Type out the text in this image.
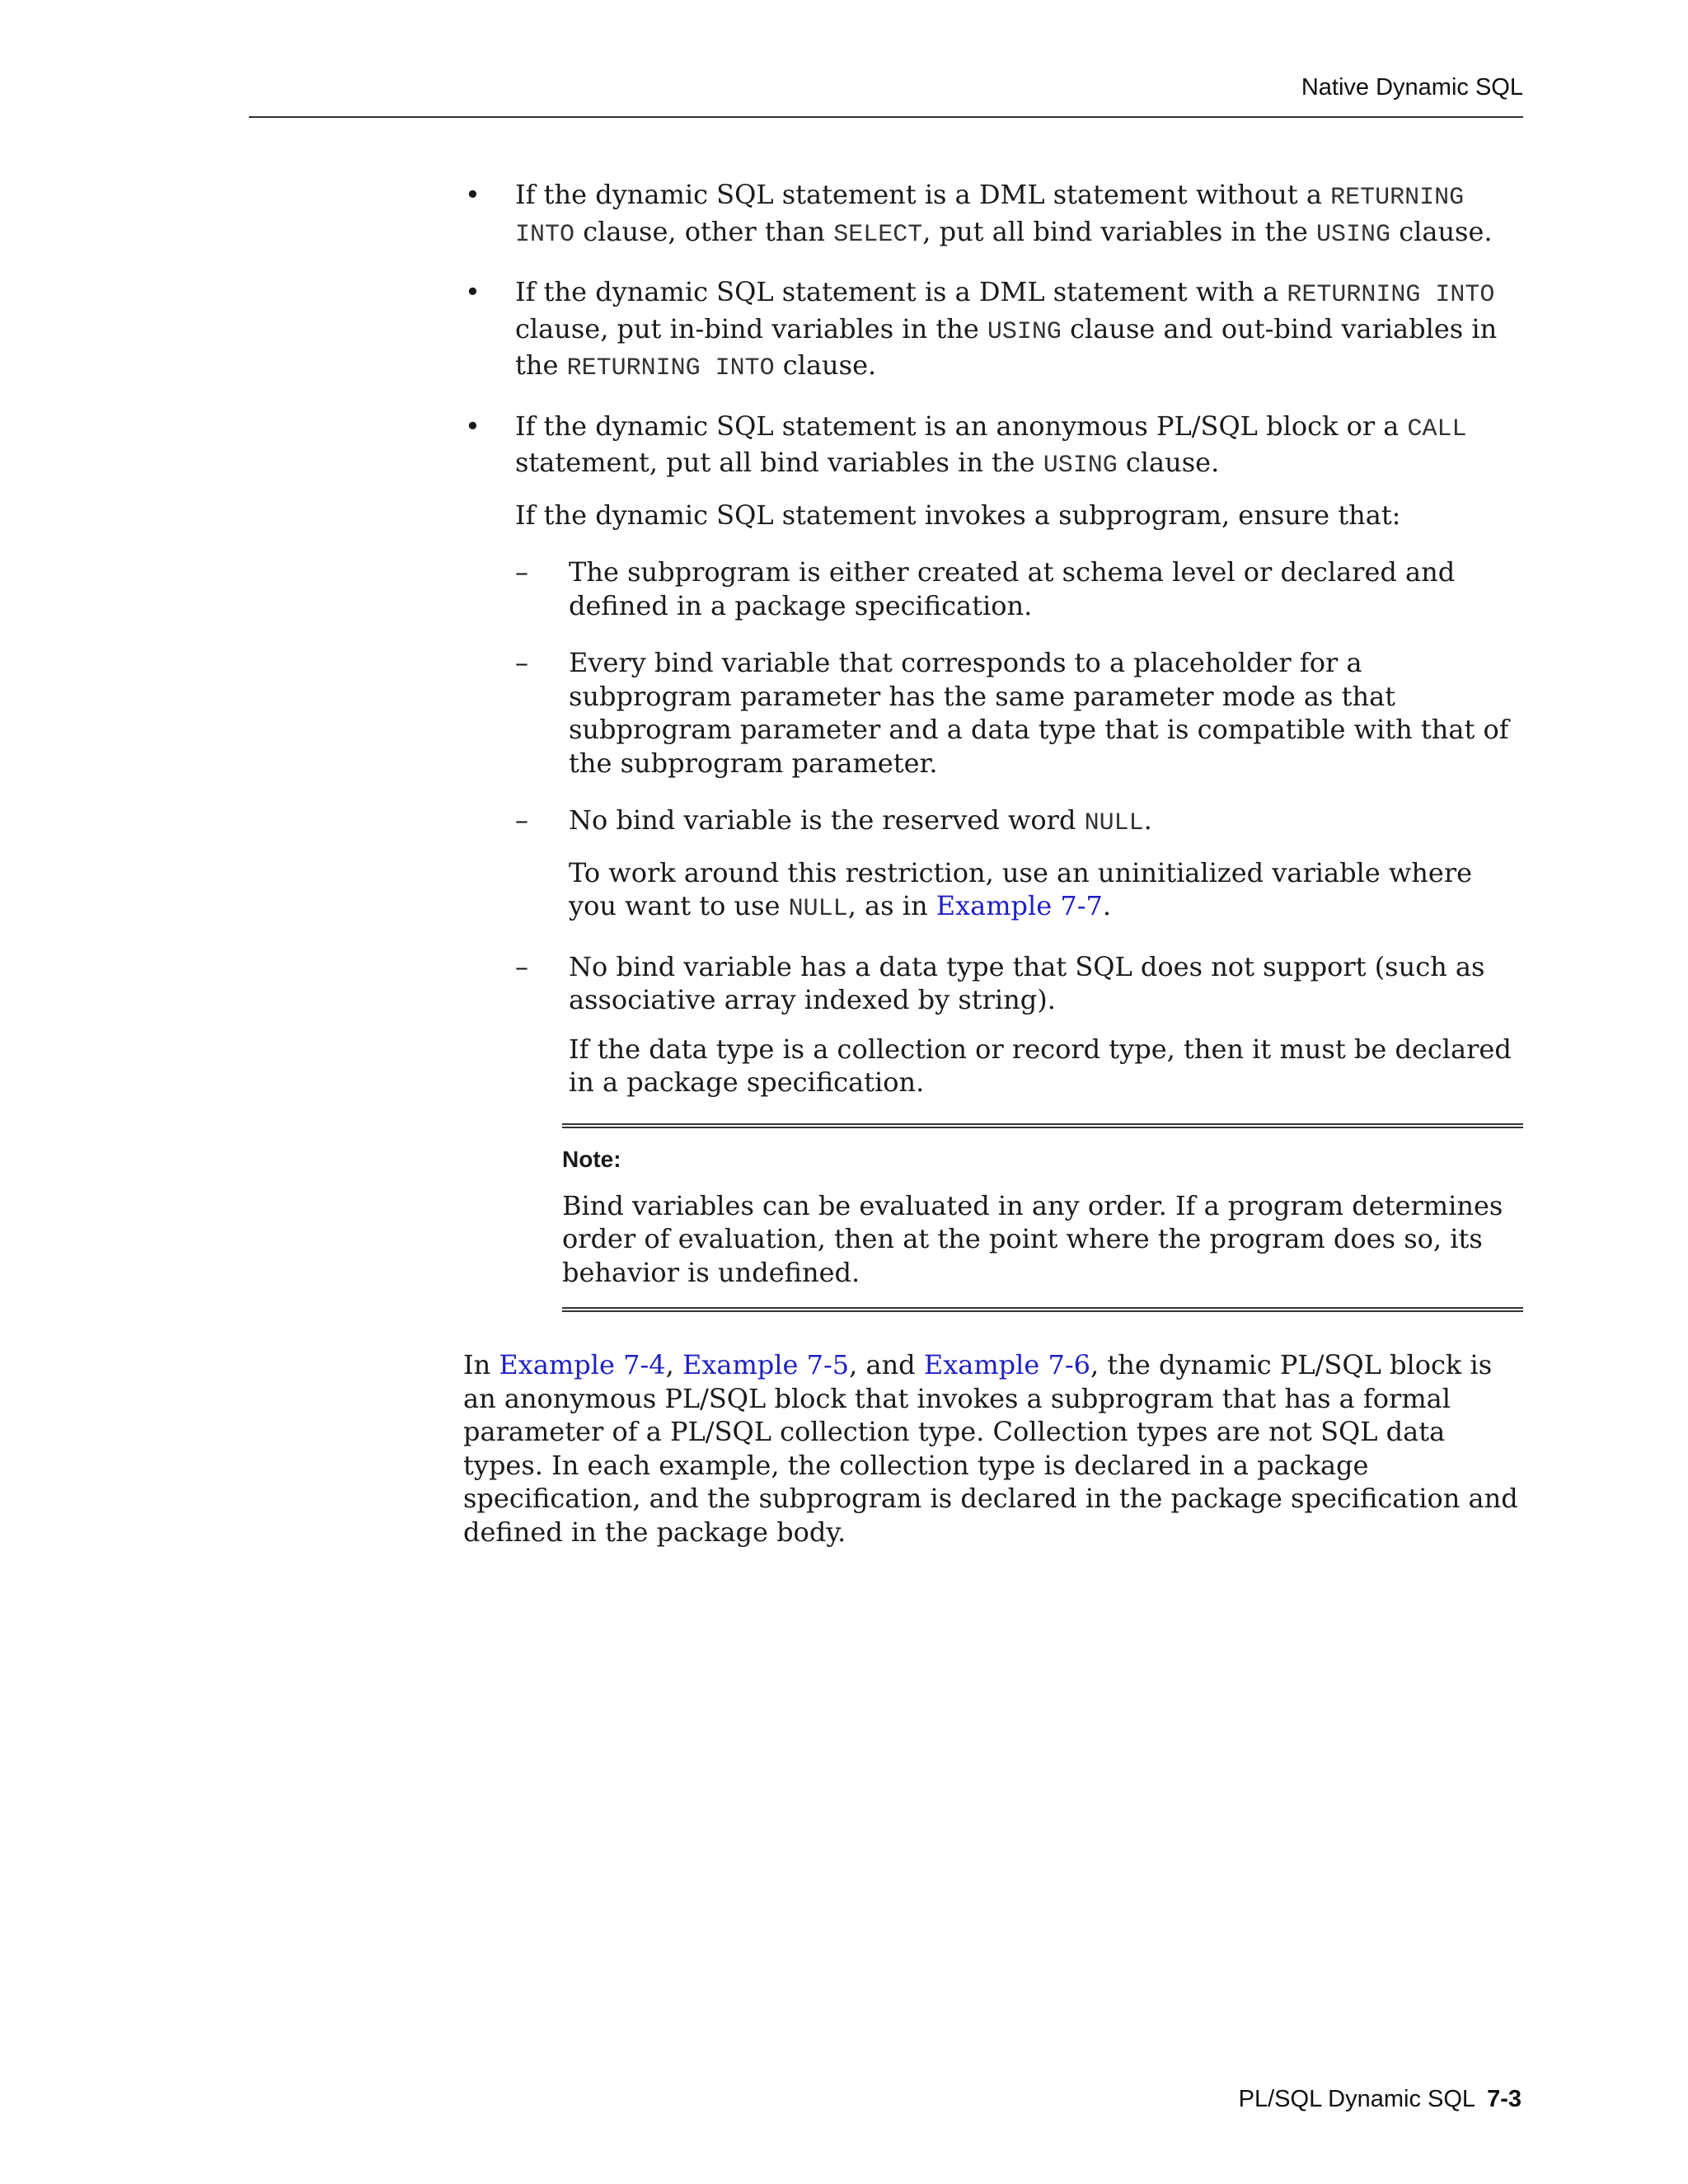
Native Dynamic SQL
• If the dynamic SQL statement is a DML statement without a RETURNING INTO clause, other than SELECT, put all bind variables in the USING clause.

• If the dynamic SQL statement is a DML statement with a RETURNING INTO clause, put in-bind variables in the USING clause and out-bind variables in the RETURNING INTO clause.

• If the dynamic SQL statement is an anonymous PL/SQL block or a CALL statement, put all bind variables in the USING clause.

If the dynamic SQL statement invokes a subprogram, ensure that:

– The subprogram is either created at schema level or declared and defined in a package specification.

– Every bind variable that corresponds to a placeholder for a subprogram parameter has the same parameter mode as that subprogram parameter and a data type that is compatible with that of the subprogram parameter.

– No bind variable is the reserved word NULL.

To work around this restriction, use an uninitialized variable where you want to use NULL, as in Example 7-7.

– No bind variable has a data type that SQL does not support (such as associative array indexed by string).

If the data type is a collection or record type, then it must be declared in a package specification.

Note:

Bind variables can be evaluated in any order. If a program determines order of evaluation, then at the point where the program does so, its behavior is undefined.

In Example 7-4, Example 7-5, and Example 7-6, the dynamic PL/SQL block is an anonymous PL/SQL block that invokes a subprogram that has a formal parameter of a PL/SQL collection type. Collection types are not SQL data types. In each example, the collection type is declared in a package specification, and the subprogram is declared in the package specification and defined in the package body.

PL/SQL Dynamic SQL 7-3
